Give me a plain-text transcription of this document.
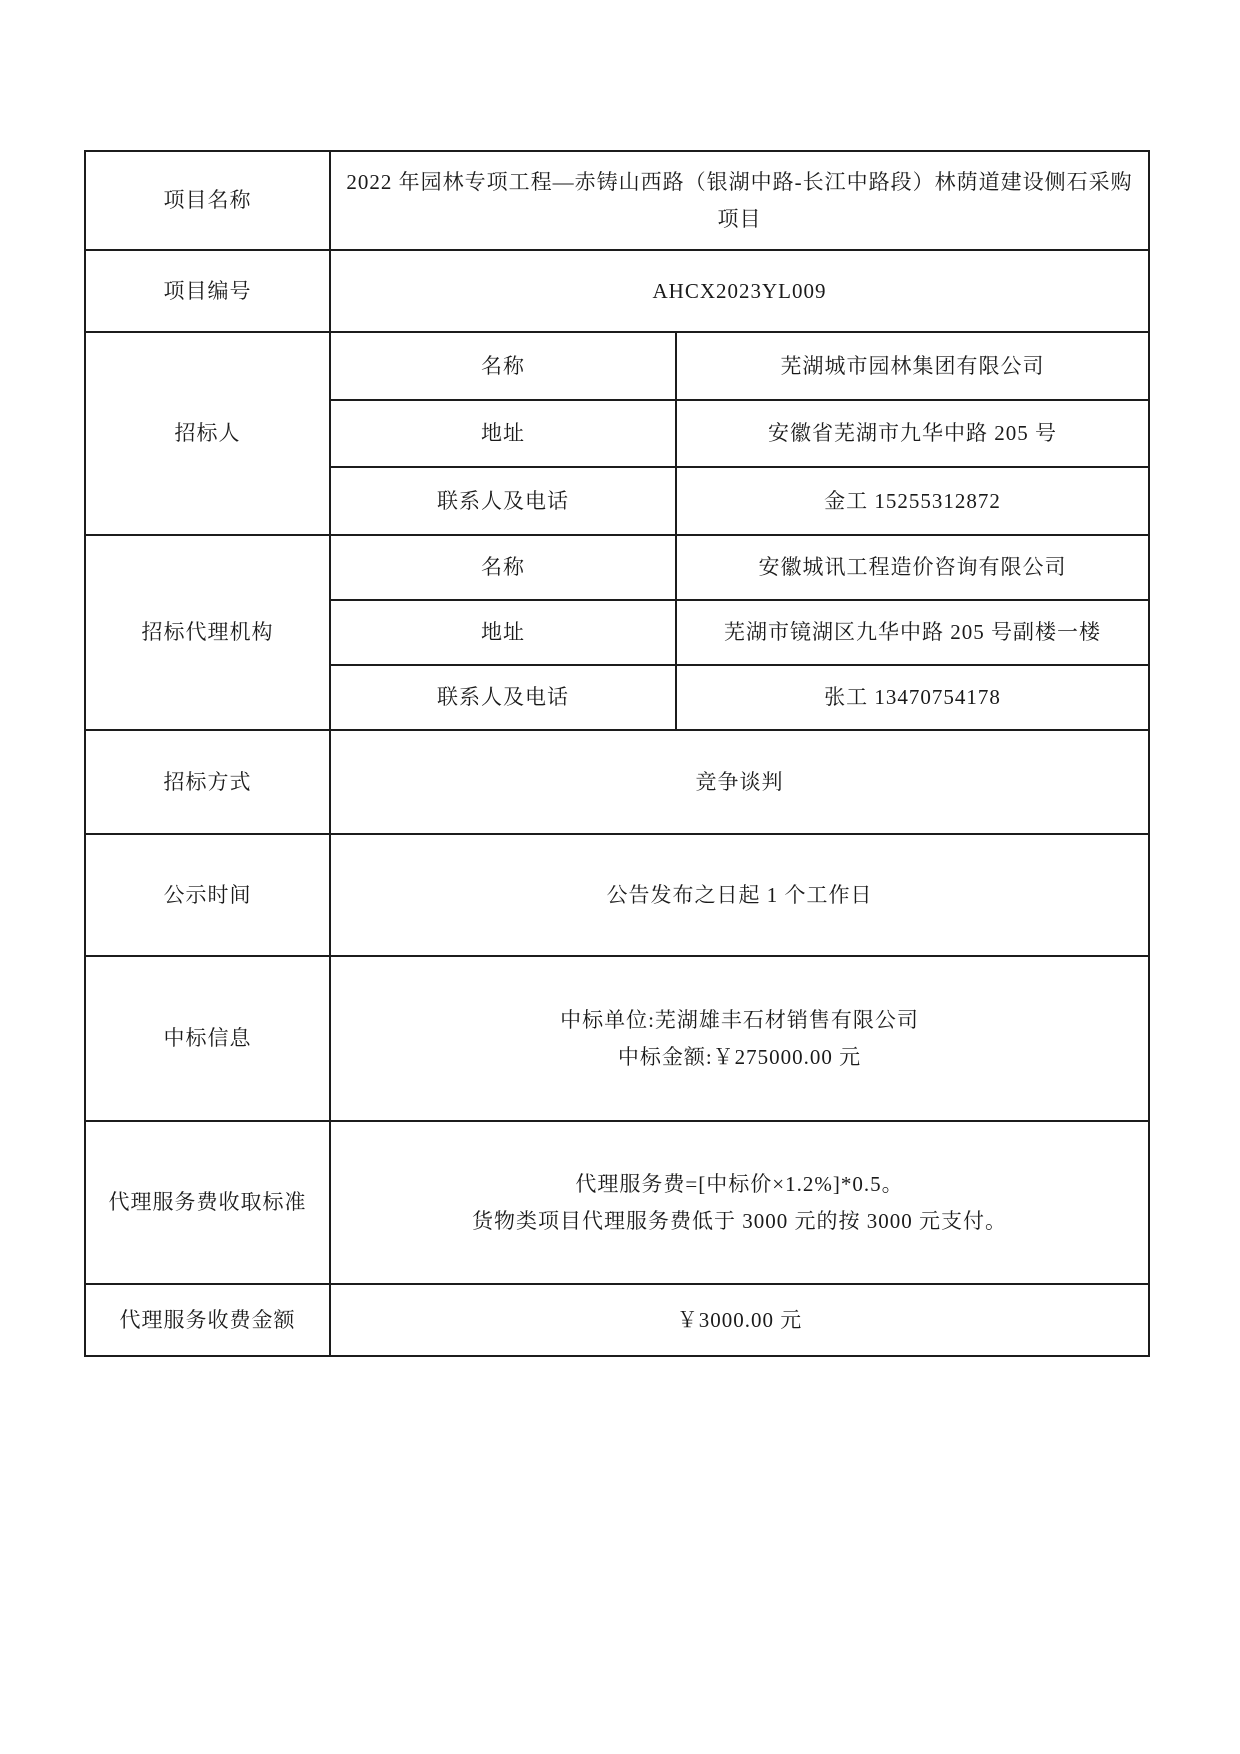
项目名称	2022 年园林专项工程—赤铸山西路（银湖中路-长江中路段）林荫道建设侧石采购项目	
项目编号	AHCX2023YL009	
招标人	名称	芜湖城市园林集团有限公司
	地址	安徽省芜湖市九华中路 205 号
	联系人及电话	金工 15255312872
招标代理机构	名称	安徽城讯工程造价咨询有限公司
	地址	芜湖市镜湖区九华中路 205 号副楼一楼
	联系人及电话	张工 13470754178
招标方式	竞争谈判	
公示时间	公告发布之日起 1 个工作日	
中标信息	中标单位:芜湖雄丰石材销售有限公司
中标金额:￥275000.00 元	

代理服务费收取标准	代理服务费=[中标价×1.2%]*0.5。
货物类项目代理服务费低于 3000 元的按 3000 元支付。	

代理服务收费金额	￥3000.00 元	
